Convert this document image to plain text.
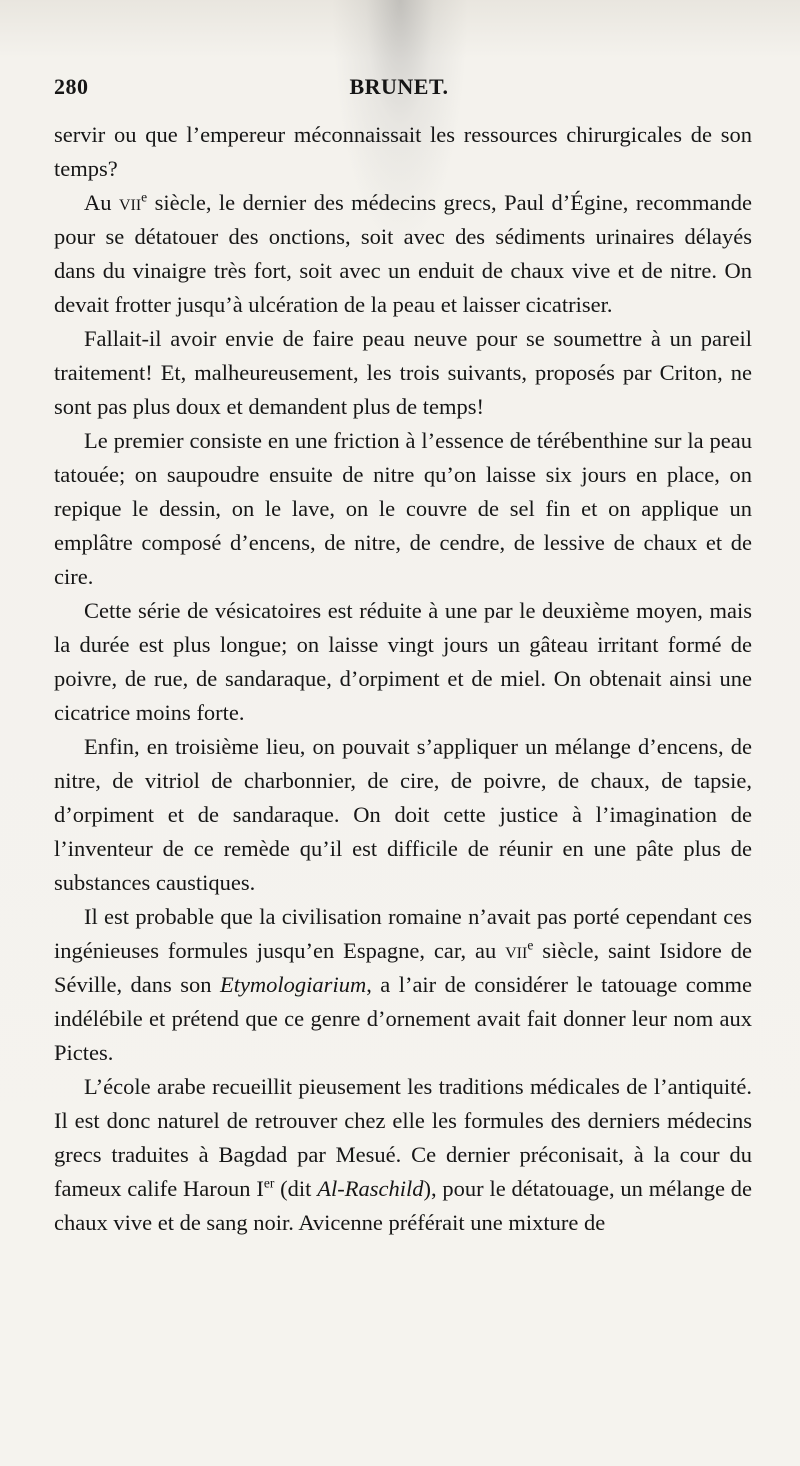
280	BRUNET.

servir ou que l’empereur méconnaissait les ressources chirurgicales de son temps?

Au vii$^e$ siècle, le dernier des médecins grecs, Paul d’Égine, recommande pour se détatouer des onctions, soit avec des sédiments urinaires délayés dans du vinaigre très fort, soit avec un enduit de chaux vive et de nitre. On devait frotter jusqu’à ulcération de la peau et laisser cicatriser.

Fallait-il avoir envie de faire peau neuve pour se soumettre à un pareil traitement! Et, malheureusement, les trois suivants, proposés par Criton, ne sont pas plus doux et demandent plus de temps!

Le premier consiste en une friction à l’essence de térébenthine sur la peau tatouée; on saupoudre ensuite de nitre qu’on laisse six jours en place, on repique le dessin, on le lave, on le couvre de sel fin et on applique un emplâtre composé d’encens, de nitre, de cendre, de lessive de chaux et de cire.

Cette série de vésicatoires est réduite à une par le deuxième moyen, mais la durée est plus longue; on laisse vingt jours un gâteau irritant formé de poivre, de rue, de sandaraque, d’orpiment et de miel. On obtenait ainsi une cicatrice moins forte.

Enfin, en troisième lieu, on pouvait s’appliquer un mélange d’encens, de nitre, de vitriol de charbonnier, de cire, de poivre, de chaux, de tapsie, d’orpiment et de sandaraque. On doit cette justice à l’imagination de l’inventeur de ce remède qu’il est difficile de réunir en une pâte plus de substances caustiques.

Il est probable que la civilisation romaine n’avait pas porté cependant ces ingénieuses formules jusqu’en Espagne, car, au vii$^e$ siècle, saint Isidore de Séville, dans son Etymologiarium, a l’air de considérer le tatouage comme indélébile et prétend que ce genre d’ornement avait fait donner leur nom aux Pictes.

L’école arabe recueillit pieusement les traditions médicales de l’antiquité. Il est donc naturel de retrouver chez elle les formules des derniers médecins grecs traduites à Bagdad par Mesué. Ce dernier préconisait, à la cour du fameux calife Haroun Ier (dit Al-Raschild), pour le détatouage, un mélange de chaux vive et de sang noir. Avicenne préférait une mixture de
